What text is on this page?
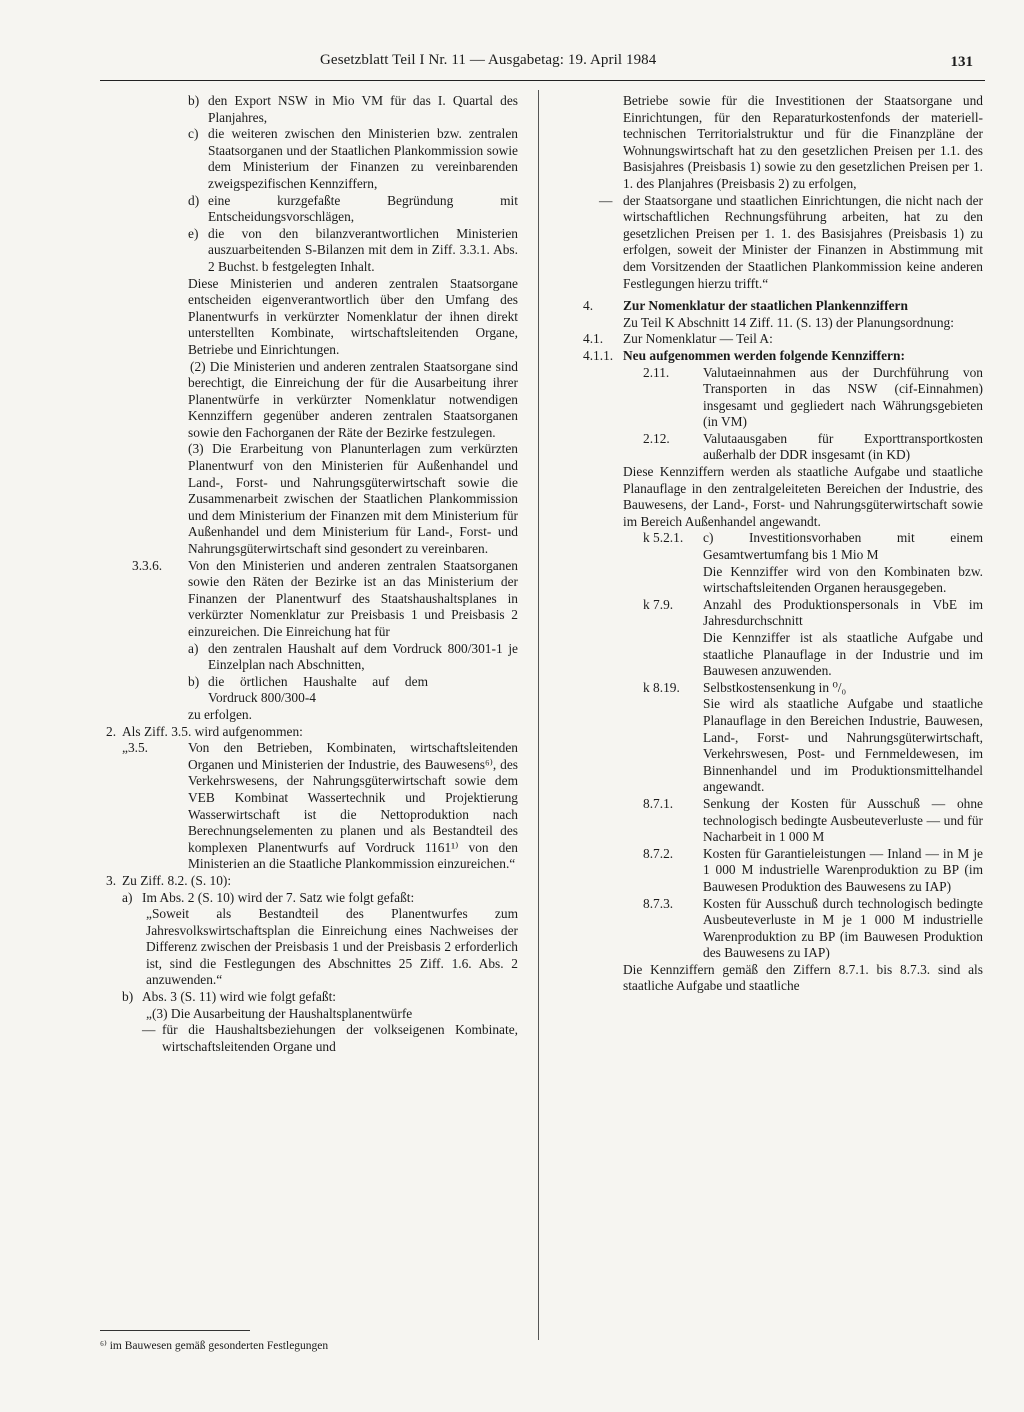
Gesetzblatt Teil I Nr. 11 — Ausgabetag: 19. April 1984	131
b) den Export NSW in Mio VM für das I. Quartal des Planjahres,

c) die weiteren zwischen den Ministerien bzw. zentralen Staatsorganen und der Staatlichen Plankommission sowie dem Ministerium der Finanzen zu vereinbarenden zweigspezifischen Kennziffern,

d) eine kurzgefaßte Begründung mit Entscheidungsvorschlägen,

e) die von den bilanzverantwortlichen Ministerien auszuarbeitenden S-Bilanzen mit dem in Ziff. 3.3.1. Abs. 2 Buchst. b festgelegten Inhalt.

Diese Ministerien und anderen zentralen Staatsorgane entscheiden eigenverantwortlich über den Umfang des Planentwurfs in verkürzter Nomenklatur der ihnen direkt unterstellten Kombinate, wirtschaftsleitenden Organe, Betriebe und Einrichtungen.

(2) Die Ministerien und anderen zentralen Staatsorgane sind berechtigt, die Einreichung der für die Ausarbeitung ihrer Planentwürfe in verkürzter Nomenklatur notwendigen Kennziffern gegenüber anderen zentralen Staatsorganen sowie den Fachorganen der Räte der Bezirke festzulegen.

(3) Die Erarbeitung von Planunterlagen zum verkürzten Planentwurf von den Ministerien für Außenhandel und Land-, Forst- und Nahrungsgüterwirtschaft sowie die Zusammenarbeit zwischen der Staatlichen Plankommission und dem Ministerium der Finanzen mit dem Ministerium für Außenhandel und dem Ministerium für Land-, Forst- und Nahrungsgüterwirtschaft sind gesondert zu vereinbaren.

3.3.6.	Von den Ministerien und anderen zentralen Staatsorganen sowie den Räten der Bezirke ist an das Ministerium der Finanzen der Planentwurf des Staatshaushaltsplanes in verkürzter Nomenklatur zur Preisbasis 1 und Preisbasis 2 einzureichen. Die Einreichung hat für

a) den zentralen Haushalt auf dem Vordruck 800/301-1 je Einzelplan nach Abschnitten,

b) die örtlichen Haushalte auf dem Vordruck 800/300-4

zu erfolgen.

2. Als Ziff. 3.5. wird aufgenommen:

„3.5.	Von den Betrieben, Kombinaten, wirtschaftsleitenden Organen und Ministerien der Industrie, des Bauwesens⁶⁾, des Verkehrswesens, der Nahrungsgüterwirtschaft sowie dem VEB Kombinat Wassertechnik und Projektierung Wasserwirtschaft ist die Nettoproduktion nach Berechnungselementen zu planen und als Bestandteil des komplexen Planentwurfs auf Vordruck 1161¹⁾ von den Ministerien an die Staatliche Plankommission einzureichen.“

3. Zu Ziff. 8.2. (S. 10):

a) Im Abs. 2 (S. 10) wird der 7. Satz wie folgt gefaßt:

„Soweit als Bestandteil des Planentwurfes zum Jahresvolkswirtschaftsplan die Einreichung eines Nachweises der Differenz zwischen der Preisbasis 1 und der Preisbasis 2 erforderlich ist, sind die Festlegungen des Abschnittes 25 Ziff. 1.6. Abs. 2 anzuwenden.“

b) Abs. 3 (S. 11) wird wie folgt gefaßt:

„(3) Die Ausarbeitung der Haushaltsplanentwürfe

— für die Haushaltsbeziehungen der volkseigenen Kombinate, wirtschaftsleitenden Organe und

Betriebe sowie für die Investitionen der Staatsorgane und Einrichtungen, für den Reparaturkostenfonds der materiell-technischen Territorialstruktur und für die Finanzpläne der Wohnungswirtschaft hat zu den gesetzlichen Preisen per 1.1. des Basisjahres (Preisbasis 1) sowie zu den gesetzlichen Preisen per 1. 1. des Planjahres (Preisbasis 2) zu erfolgen,

— der Staatsorgane und staatlichen Einrichtungen, die nicht nach der wirtschaftlichen Rechnungsführung arbeiten, hat zu den gesetzlichen Preisen per 1. 1. des Basisjahres (Preisbasis 1) zu erfolgen, soweit der Minister der Finanzen in Abstimmung mit dem Vorsitzenden der Staatlichen Plankommission keine anderen Festlegungen hierzu trifft.“

4.	Zur Nomenklatur der staatlichen Plankennziffern

Zu Teil K Abschnitt 14 Ziff. 11. (S. 13) der Planungsordnung:

4.1.	Zur Nomenklatur — Teil A:

4.1.1. Neu aufgenommen werden folgende Kennziffern:

2.11.	Valutaeinnahmen aus der Durchführung von Transporten in das NSW (cif-Einnahmen) insgesamt und gegliedert nach Währungsgebieten (in VM)

2.12.	Valutaausgaben für Exporttransportkosten außerhalb der DDR insgesamt (in KD)

Diese Kennziffern werden als staatliche Aufgabe und staatliche Planauflage in den zentralgeleiteten Bereichen der Industrie, des Bauwesens, der Land-, Forst- und Nahrungsgüterwirtschaft sowie im Bereich Außenhandel angewandt.

k 5.2.1.	c) Investitionsvorhaben mit einem Gesamtwertumfang bis 1 Mio M

Die Kennziffer wird von den Kombinaten bzw. wirtschaftsleitenden Organen herausgegeben.

k 7.9.	Anzahl des Produktionspersonals in VbE im Jahresdurchschnitt

Die Kennziffer ist als staatliche Aufgabe und staatliche Planauflage in der Industrie und im Bauwesen anzuwenden.

k 8.19.	Selbstkostensenkung in ⁰/₀

Sie wird als staatliche Aufgabe und staatliche Planauflage in den Bereichen Industrie, Bauwesen, Land-, Forst- und Nahrungsgüterwirtschaft, Verkehrswesen, Post- und Fernmeldewesen, im Binnenhandel und im Produktionsmittelhandel angewandt.

8.7.1.	Senkung der Kosten für Ausschuß — ohne technologisch bedingte Ausbeuteverluste — und für Nacharbeit in 1 000 M

8.7.2.	Kosten für Garantieleistungen — Inland — in M je 1 000 M industrielle Warenproduktion zu BP (im Bauwesen Produktion des Bauwesens zu IAP)

8.7.3.	Kosten für Ausschuß durch technologisch bedingte Ausbeuteverluste in M je 1 000 M industrielle Warenproduktion zu BP (im Bauwesen Produktion des Bauwesens zu IAP)

Die Kennziffern gemäß den Ziffern 8.7.1. bis 8.7.3. sind als staatliche Aufgabe und staatliche

⁶⁾ im Bauwesen gemäß gesonderten Festlegungen
